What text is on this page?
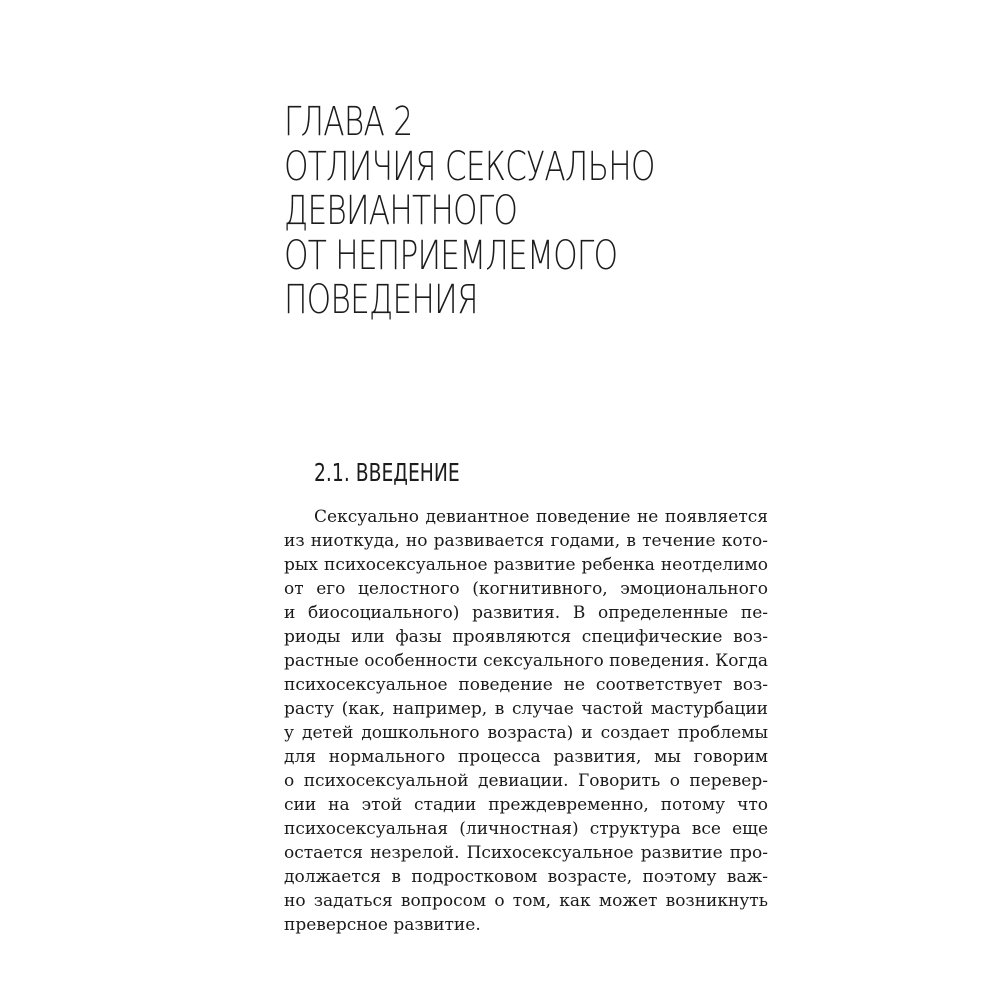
ГЛАВА 2
ОТЛИЧИЯ СЕКСУАЛЬНО
ДЕВИАНТНОГО
ОТ НЕПРИЕМЛЕМОГО
ПОВЕДЕНИЯ
2.1. ВВЕДЕНИЕ
Сексуально девиантное поведение не появляется
из ниоткуда, но развивается годами, в течение кото-
рых психосексуальное развитие ребенка неотделимо
от его целостного (когнитивного, эмоционального
и биосоциального) развития. В определенные пе-
риоды или фазы проявляются специфические воз-
растные особенности сексуального поведения. Когда
психосексуальное поведение не соответствует воз-
расту (как, например, в случае частой мастурбации
у детей дошкольного возраста) и создает проблемы
для нормального процесса развития, мы говорим
о психосексуальной девиации. Говорить о перевер-
сии на этой стадии преждевременно, потому что
психосексуальная (личностная) структура все еще
остается незрелой. Психосексуальное развитие про-
должается в подростковом возрасте, поэтому важ-
но задаться вопросом о том, как может возникнуть
преверсное развитие.
